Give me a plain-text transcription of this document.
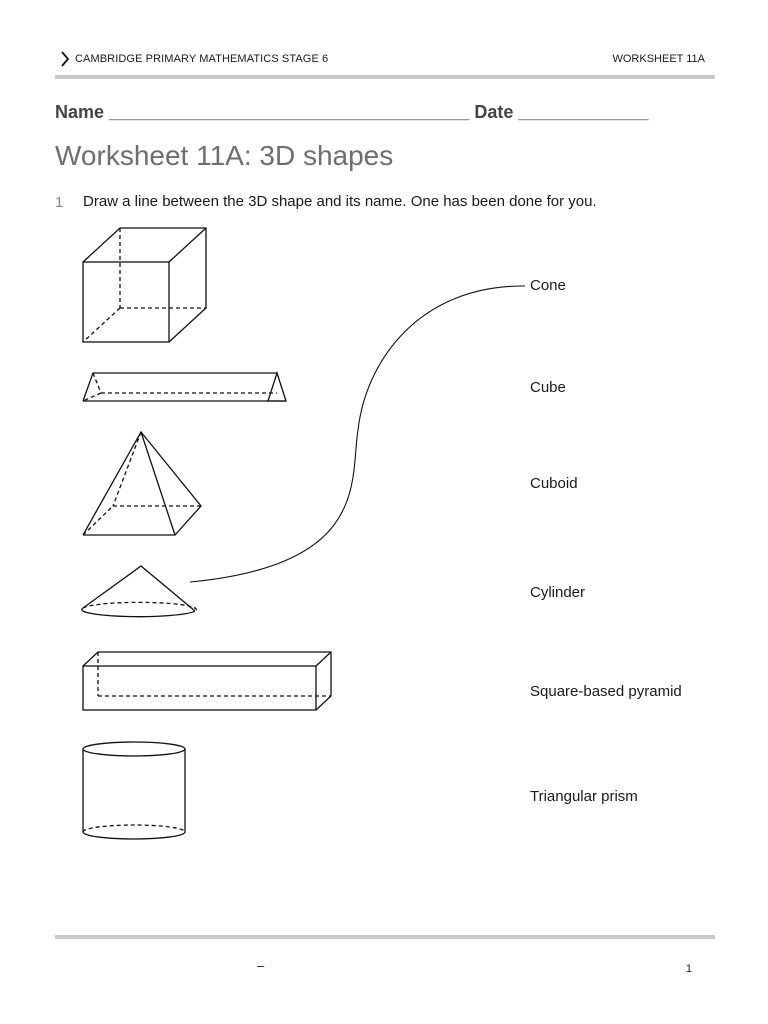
CAMBRIDGE PRIMARY MATHEMATICS STAGE 6	WORKSHEET 11A
Name ____________________________________ Date _____________
Worksheet 11A: 3D shapes
1 Draw a line between the 3D shape and its name. One has been done for you.
Cone
Cube
Cuboid
Cylinder
Square-based pyramid
Triangular prism
–	1
